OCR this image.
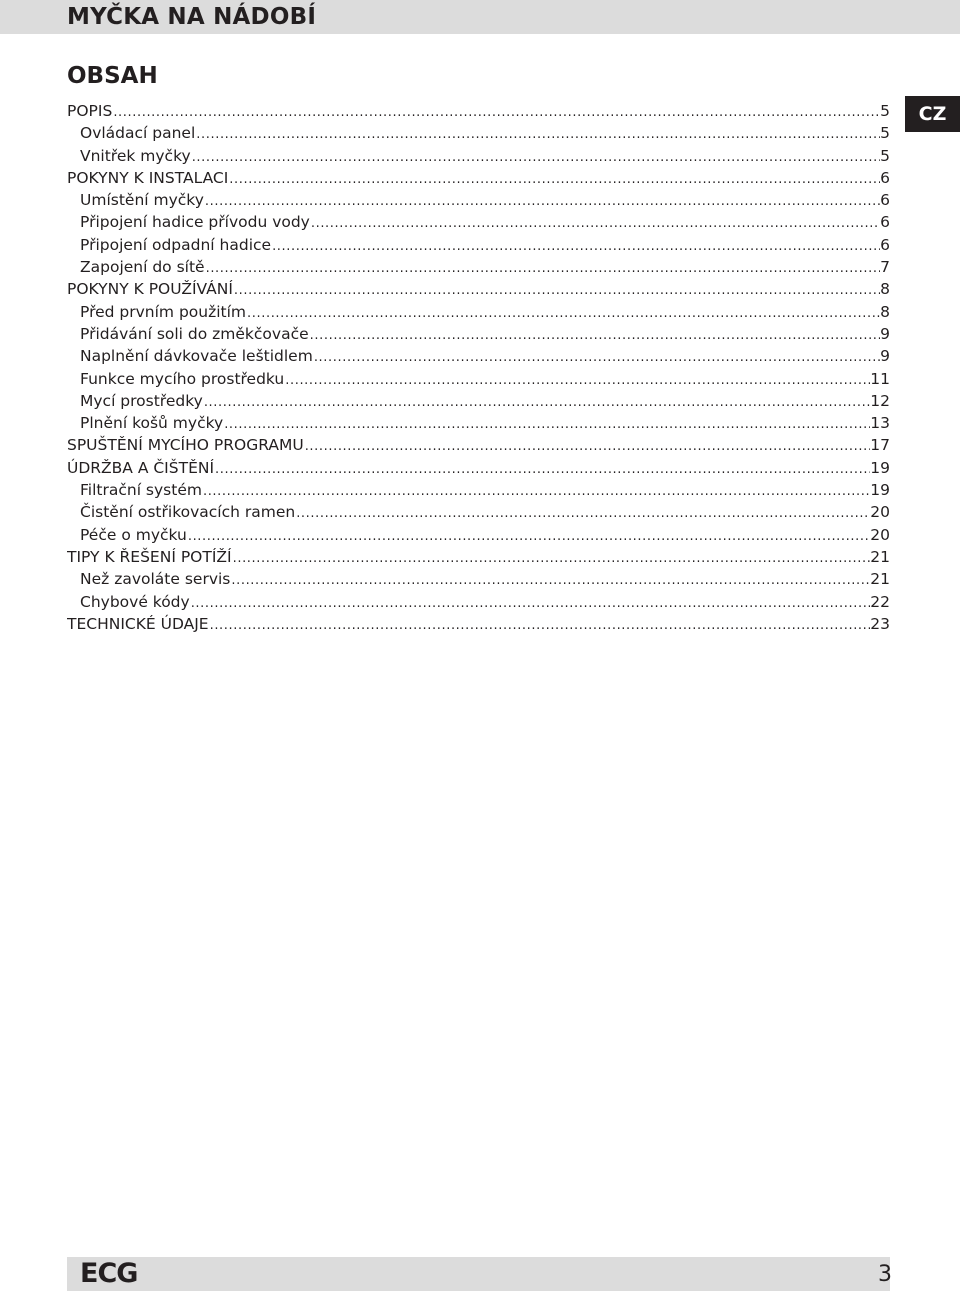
MYČKA NA NÁDOBÍ
OBSAH
CZ
POPIS .....	5
Ovládací panel .....	5
Vnitřek myčky .....	5
POKYNY K INSTALACI .....	6
Umístění myčky .....	6
Připojení hadice přívodu vody .....	6
Připojení odpadní hadice .....	6
Zapojení do sítě .....	7
POKYNY K POUŽÍVÁNÍ .....	8
Před prvním použitím .....	8
Přidávání soli do změkčovače .....	9
Naplnění dávkovače leštidlem .....	9
Funkce mycího prostředku .....	11
Mycí prostředky .....	12
Plnění košů myčky .....	13
SPUŠTĚNÍ MYCÍHO PROGRAMU .....	17
ÚDRŽBA A ČIŠTĚNÍ .....	19
Filtrační systém .....	19
Čistění ostřikovacích ramen .....	20
Péče o myčku .....	20
TIPY K ŘEŠENÍ POTÍŽÍ .....	21
Než zavoláte servis .....	21
Chybové kódy .....	22
TECHNICKÉ ÚDAJE .....	23
ECG	3
